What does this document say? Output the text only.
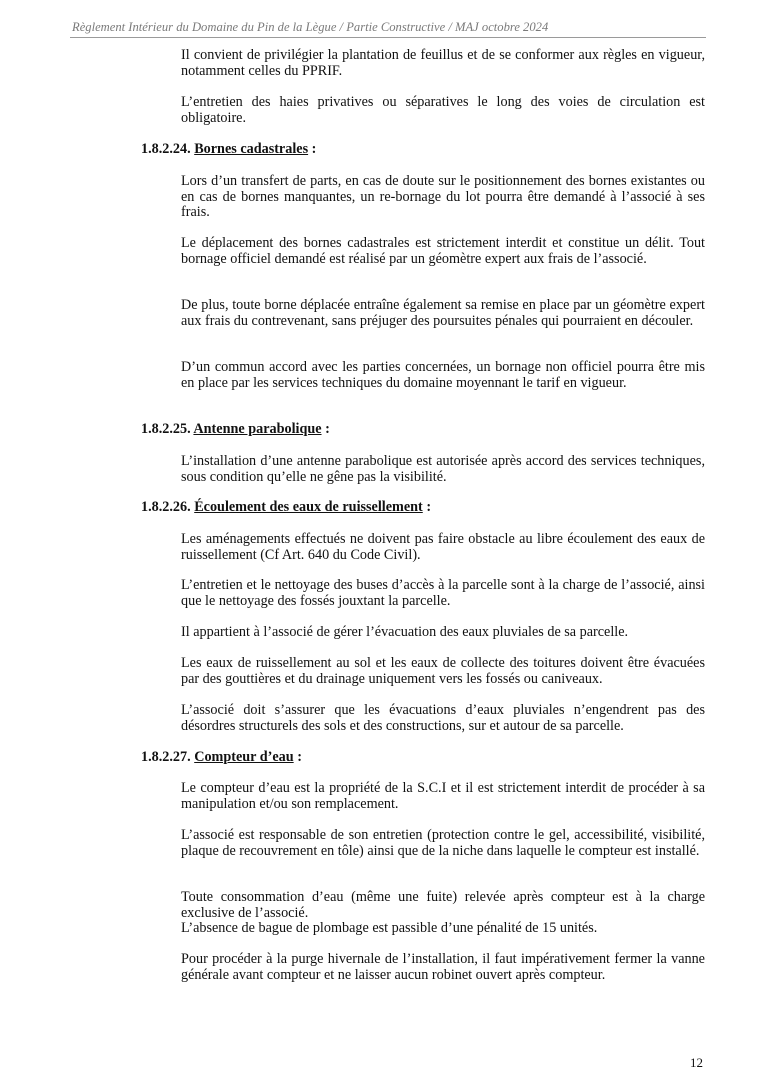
Règlement Intérieur du Domaine du Pin de la Lègue / Partie Constructive / MAJ octobre 2024

Il convient de privilégier la plantation de feuillus et de se conformer aux règles en vigueur, notamment celles du PPRIF.

L’entretien des haies privatives ou séparatives le long des voies de circulation est obligatoire.

1.8.2.24. Bornes cadastrales :

Lors d’un transfert de parts, en cas de doute sur le positionnement des bornes existantes ou en cas de bornes manquantes, un re-bornage du lot pourra être demandé à l’associé à ses frais.

Le déplacement des bornes cadastrales est strictement interdit et constitue un délit. Tout bornage officiel demandé est réalisé par un géomètre expert aux frais de l’associé.

De plus, toute borne déplacée entraîne également sa remise en place par un géomètre expert aux frais du contrevenant, sans préjuger des poursuites pénales qui pourraient en découler.

D’un commun accord avec les parties concernées, un bornage non officiel pourra être mis en place par les services techniques du domaine moyennant le tarif en vigueur.

1.8.2.25. Antenne parabolique :

L’installation d’une antenne parabolique est autorisée après accord des services techniques, sous condition qu’elle ne gêne pas la visibilité.

1.8.2.26. Écoulement des eaux de ruissellement :

Les aménagements effectués ne doivent pas faire obstacle au libre écoulement des eaux de ruissellement (Cf Art. 640 du Code Civil).

L’entretien et le nettoyage des buses d’accès à la parcelle sont à la charge de l’associé, ainsi que le nettoyage des fossés jouxtant la parcelle.

Il appartient à l’associé de gérer l’évacuation des eaux pluviales de sa parcelle.

Les eaux de ruissellement au sol et les eaux de collecte des toitures doivent être évacuées par des gouttières et du drainage uniquement vers les fossés ou caniveaux.

L’associé doit s’assurer que les évacuations d’eaux pluviales n’engendrent pas des désordres structurels des sols et des constructions, sur et autour de sa parcelle.

1.8.2.27. Compteur d’eau :

Le compteur d’eau est la propriété de la S.C.I et il est strictement interdit de procéder à sa manipulation et/ou son remplacement.

L’associé est responsable de son entretien (protection contre le gel, accessibilité, visibilité, plaque de recouvrement en tôle) ainsi que de la niche dans laquelle le compteur est installé.

Toute consommation d’eau (même une fuite) relevée après compteur est à la charge exclusive de l’associé.

L’absence de bague de plombage est passible d’une pénalité de 15 unités.

Pour procéder à la purge hivernale de l’installation, il faut impérativement fermer la vanne générale avant compteur et ne laisser aucun robinet ouvert après compteur.

12
